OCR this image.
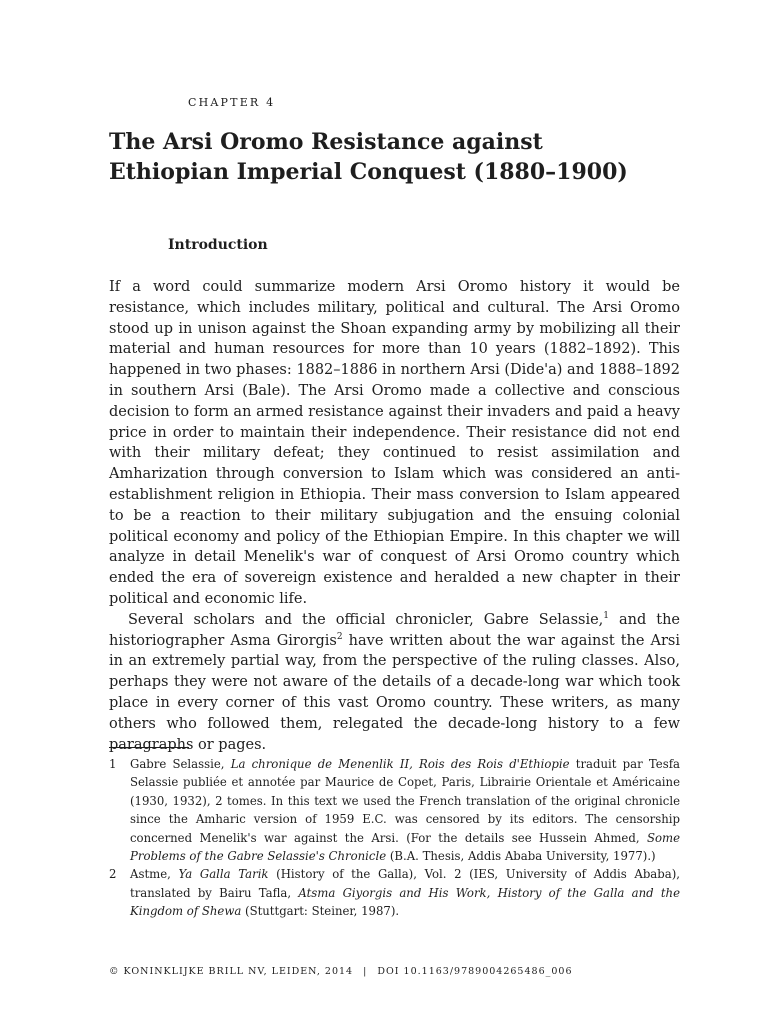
CHAPTER 4
The Arsi Oromo Resistance against Ethiopian Imperial Conquest (1880–1900)
Introduction

If a word could summarize modern Arsi Oromo history it would be resistance, which includes military, political and cultural. The Arsi Oromo stood up in unison against the Shoan expanding army by mobilizing all their material and human resources for more than 10 years (1882–1892). This happened in two phases: 1882–1886 in northern Arsi (Dide'a) and 1888–1892 in southern Arsi (Bale). The Arsi Oromo made a collective and conscious decision to form an armed resistance against their invaders and paid a heavy price in order to maintain their independence. Their resistance did not end with their military defeat; they continued to resist assimilation and Amharization through conversion to Islam which was considered an anti-establishment religion in Ethiopia. Their mass conversion to Islam appeared to be a reaction to their military subjugation and the ensuing colonial political economy and policy of the Ethiopian Empire. In this chapter we will analyze in detail Menelik's war of conquest of Arsi Oromo country which ended the era of sovereign existence and heralded a new chapter in their political and economic life.

Several scholars and the official chronicler, Gabre Selassie,$^1$ and the historiographer Asma Girorgis$^2$ have written about the war against the Arsi in an extremely partial way, from the perspective of the ruling classes. Also, perhaps they were not aware of the details of a decade-long war which took place in every corner of this vast Oromo country. These writers, as many others who followed them, relegated the decade-long history to a few paragraphs or pages.

1 Gabre Selassie, La chronique de Menenlik II, Rois des Rois d'Ethiopie traduit par Tesfa Selassie publiée et annotée par Maurice de Copet, Paris, Librairie Orientale et Américaine (1930, 1932), 2 tomes. In this text we used the French translation of the original chronicle since the Amharic version of 1959 E.C. was censored by its editors. The censorship concerned Menelik's war against the Arsi. (For the details see Hussein Ahmed, Some Problems of the Gabre Selassie's Chronicle (B.A. Thesis, Addis Ababa University, 1977).)

2 Astme, Ya Galla Tarik (History of the Galla), Vol. 2 (IES, University of Addis Ababa), translated by Bairu Tafla, Atsma Giyorgis and His Work, History of the Galla and the Kingdom of Shewa (Stuttgart: Steiner, 1987).

© KONINKLIJKE BRILL NV, LEIDEN, 2014 | DOI 10.1163/9789004265486_006
